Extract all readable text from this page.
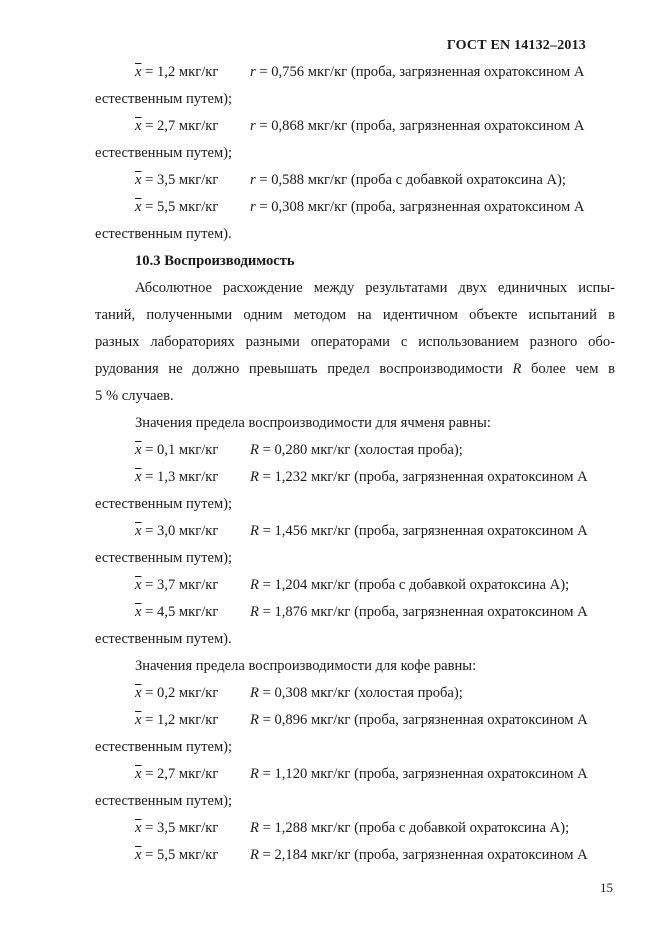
ГОСТ EN 14132–2013
$\overline{x} = 1,2$ мкг/кг r = 0,756 мкг/кг (проба, загрязненная охратоксином А
естественным путем);
$\overline{x} = 2,7$ мкг/кг r = 0,868 мкг/кг (проба, загрязненная охратоксином А
естественным путем);
$\overline{x} = 3,5$ мкг/кг r = 0,588 мкг/кг (проба с добавкой охратоксина А);
$\overline{x} = 5,5$ мкг/кг r = 0,308 мкг/кг (проба, загрязненная охратоксином А
естественным путем).
10.3 Воспроизводимость
Абсолютное расхождение между результатами двух единичных испы-
таний, полученными одним методом на идентичном объекте испытаний в
разных лабораториях разными операторами с использованием разного обо-
рудования не должно превышать предел воспроизводимости R более чем в
5 % случаев.
Значения предела воспроизводимости для ячменя равны:
$\overline{x} = 0,1$ мкг/кг R = 0,280 мкг/кг (холостая проба);
$\overline{x} = 1,3$ мкг/кг R = 1,232 мкг/кг (проба, загрязненная охратоксином А
естественным путем);
$\overline{x} = 3,0$ мкг/кг R = 1,456 мкг/кг (проба, загрязненная охратоксином А
естественным путем);
$\overline{x} = 3,7$ мкг/кг R = 1,204 мкг/кг (проба с добавкой охратоксина А);
$\overline{x} = 4,5$ мкг/кг R = 1,876 мкг/кг (проба, загрязненная охратоксином А
естественным путем).
Значения предела воспроизводимости для кофе равны:
$\overline{x} = 0,2$ мкг/кг R = 0,308 мкг/кг (холостая проба);
$\overline{x} = 1,2$ мкг/кг R = 0,896 мкг/кг (проба, загрязненная охратоксином А
естественным путем);
$\overline{x} = 2,7$ мкг/кг R = 1,120 мкг/кг (проба, загрязненная охратоксином А
естественным путем);
$\overline{x} = 3,5$ мкг/кг R = 1,288 мкг/кг (проба с добавкой охратоксина А);
$\overline{x} = 5,5$ мкг/кг R = 2,184 мкг/кг (проба, загрязненная охратоксином А
15
